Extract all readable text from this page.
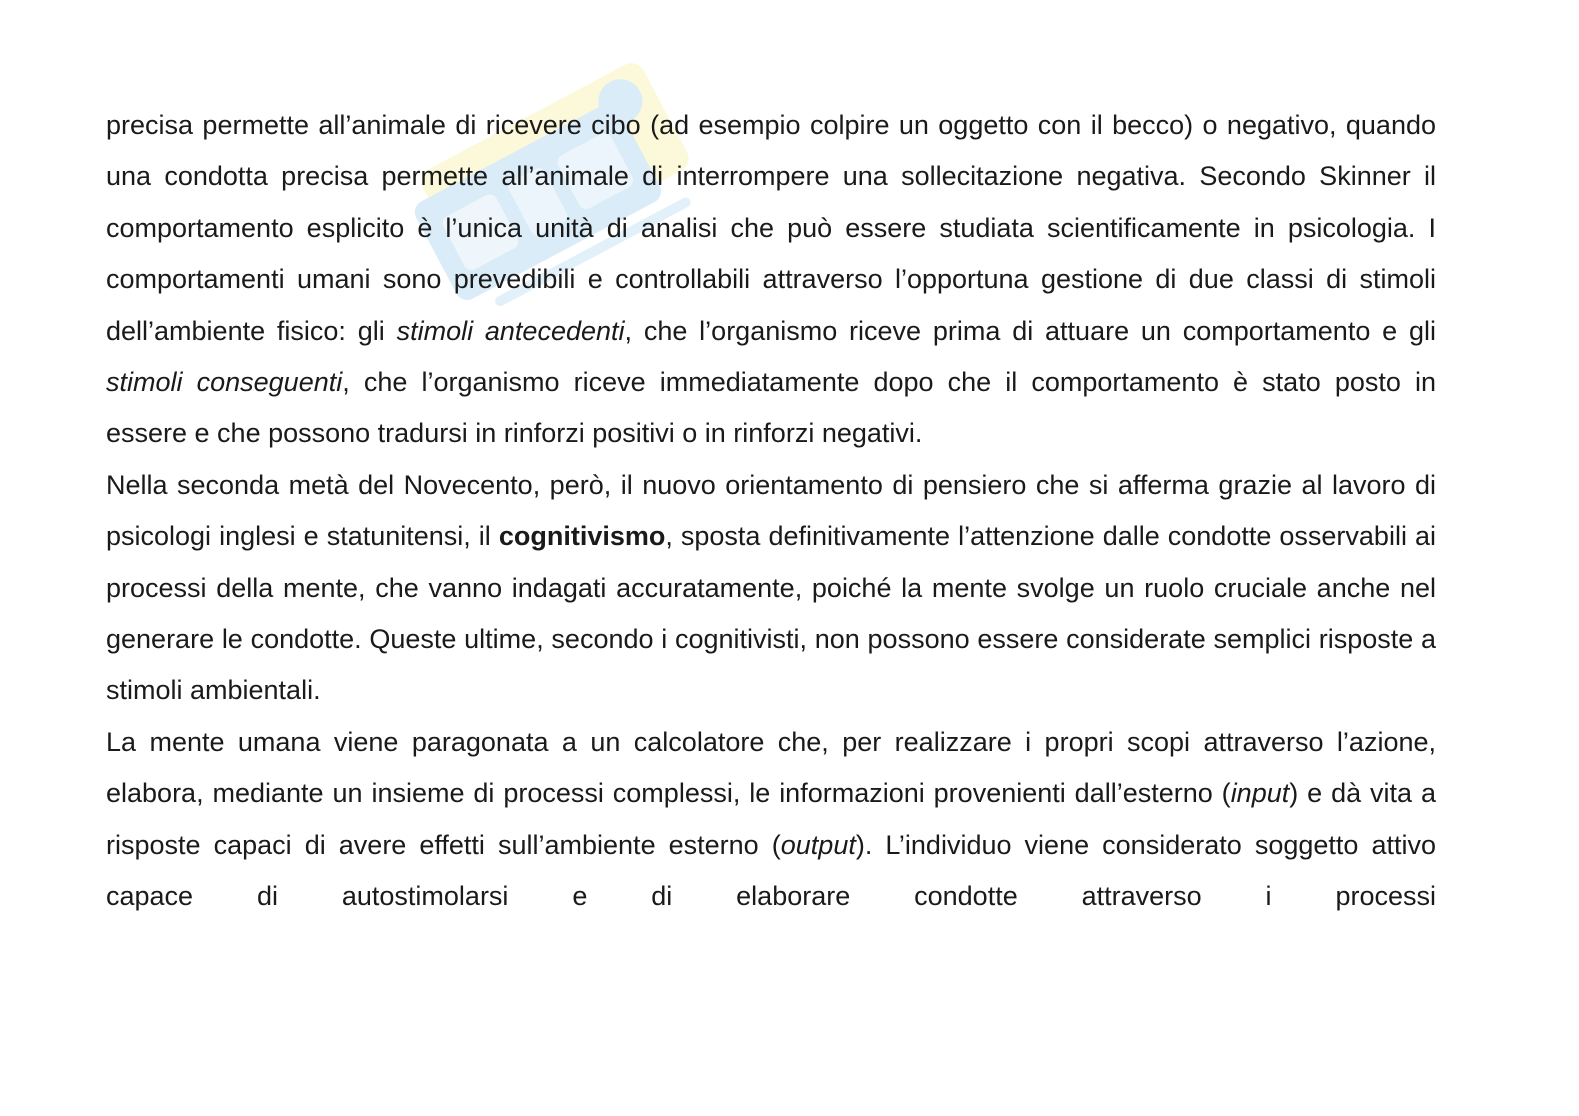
precisa permette all’animale di ricevere cibo (ad esempio colpire un oggetto con il becco) o negativo, quando una condotta precisa permette all’animale di interrompere una sollecitazione negativa. Secondo Skinner il comportamento esplicito è l’unica unità di analisi che può essere studiata scientificamente in psicologia. I comportamenti umani sono prevedibili e controllabili attraverso l’opportuna gestione di due classi di stimoli dell’ambiente fisico: gli stimoli antecedenti, che l’organismo riceve prima di attuare un comportamento e gli stimoli conseguenti, che l’organismo riceve immediatamente dopo che il comportamento è stato posto in essere e che possono tradursi in rinforzi positivi o in rinforzi negativi.

Nella seconda metà del Novecento, però, il nuovo orientamento di pensiero che si afferma grazie al lavoro di psicologi inglesi e statunitensi, il cognitivismo, sposta definitivamente l’attenzione dalle condotte osservabili ai processi della mente, che vanno indagati accuratamente, poiché la mente svolge un ruolo cruciale anche nel generare le condotte. Queste ultime, secondo i cognitivisti, non possono essere considerate semplici risposte a stimoli ambientali.

La mente umana viene paragonata a un calcolatore che, per realizzare i propri scopi attraverso l’azione, elabora, mediante un insieme di processi complessi, le informazioni provenienti dall’esterno (input) e dà vita a risposte capaci di avere effetti sull’ambiente esterno (output). L’individuo viene considerato soggetto attivo capace di autostimolarsi e di elaborare condotte attraverso i processi
